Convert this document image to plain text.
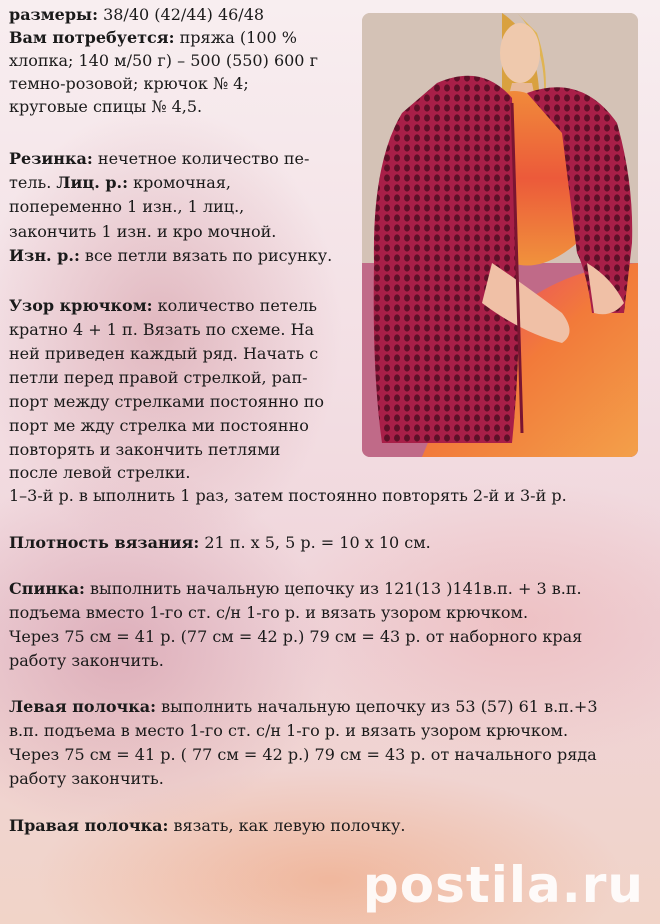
размеры: 38/40 (42/44) 46/48

Вам потребуется: пряжа (100 %

хлопка; 140 м/50 г) – 500 (550) 600 г

темно-розовой; крючок № 4;

круговые спицы № 4,5.

Резинка: нечетное количество пе-

тель. Лиц. р.: кромочная,

попеременно 1 изн., 1 лиц.,

закончить 1 изн. и кро мочной.

Изн. р.: все петли вязать по рисунку.

Узор крючком: количество петель

кратно 4 + 1 п. Вязать по схеме. На

ней приведен каждый ряд. Начать с

петли перед правой стрелкой, рап-

порт между стрелками постоянно по

порт ме жду стрелка ми постоянно

повторять и закончить петлями

после левой стрелки.

1–3-й р. в ыполнить 1 раз, затем постоянно повторять 2-й и 3-й р.

Плотность вязания: 21 п. х 5, 5 р. = 10 х 10 см.

Спинка: выполнить начальную цепочку из 121(13 )141в.п. + 3 в.п.

подъема вместо 1-го ст. с/н 1-го р. и вязать узором крючком.

Через 75 см = 41 р. (77 см = 42 р.) 79 см = 43 р. от наборного края

работу закончить.

Левая полочка: выполнить начальную цепочку из 53 (57) 61 в.п.+3

в.п. подъема в место 1-го ст. с/н 1-го р. и вязать узором крючком.

Через 75 см = 41 р. ( 77 см = 42 р.) 79 см = 43 р. от начального ряда

работу закончить.

Правая полочка: вязать, как левую полочку.

postila.ru
